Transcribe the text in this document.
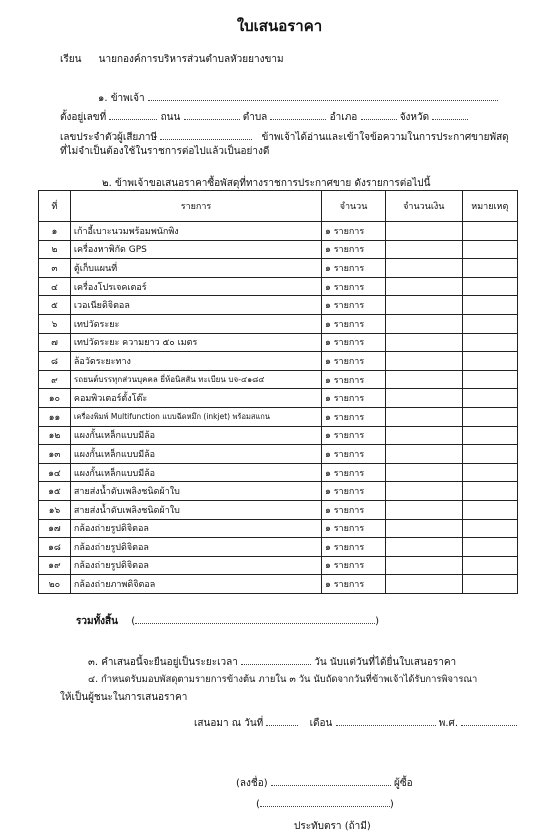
ใบเสนอราคา
เรียน นายกองค์การบริหารส่วนตำบลหัวยยางขาม
๑. ข้าพเจ้า
ตั้งอยู่เลขที่	ถนน	ตำบล	อำเภอ	จังหวัด
เลขประจำตัวผู้เสียภาษี	ข้าพเจ้าได้อ่านและเข้าใจข้อความในการประกาศขายพัสดุ
ที่ไม่จำเป็นต้องใช้ในราชการต่อไปแล้วเป็นอย่างดี
๒. ข้าพเจ้าขอเสนอราคาซื้อพัสดุที่ทางราชการประกาศขาย ดังรายการต่อไปนี้
ที่	รายการ	จำนวน	จำนวนเงิน	หมายเหตุ
๑	เก้าอี้เบาะนวมพร้อมพนักพิง	๑ รายการ		
๒	เครื่องหาพิกัด GPS	๑ รายการ		
๓	ตู้เก็บแผนที่	๑ รายการ		
๔	เครื่องโปรเจคเตอร์	๑ รายการ		
๕	เวอเนียดิจิตอล	๑ รายการ		
๖	เทปวัดระยะ	๑ รายการ		
๗	เทปวัดระยะ ความยาว ๕๐ เมตร	๑ รายการ		
๘	ล้อวัดระยะทาง	๑ รายการ		
๙	รถยนต์บรรทุกส่วนบุคคล ยี่ห้อนิสสัน ทะเบียน บจ-๔๑๘๔	๑ รายการ		
๑๐	คอมพิวเตอร์ตั้งโต๊ะ	๑ รายการ		
๑๑	เครื่องพิมพ์ Multifunction แบบฉีดหมึก (inkjet) พร้อมสแกน	๑ รายการ		
๑๒	แผงกั้นเหล็กแบบมีล้อ	๑ รายการ		
๑๓	แผงกั้นเหล็กแบบมีล้อ	๑ รายการ		
๑๔	แผงกั้นเหล็กแบบมีล้อ	๑ รายการ		
๑๕	สายส่งน้ำดับเพลิงชนิดผ้าใบ	๑ รายการ		
๑๖	สายส่งน้ำดับเพลิงชนิดผ้าใบ	๑ รายการ		
๑๗	กล้องถ่ายรูปดิจิตอล	๑ รายการ		
๑๘	กล้องถ่ายรูปดิจิตอล	๑ รายการ		
๑๙	กล้องถ่ายรูปดิจิตอล	๑ รายการ		
๒๐	กล้องถ่ายภาพดิจิตอล	๑ รายการ		
รวมทั้งสิ้น (	)
๓. คำเสนอนี้จะยืนอยู่เป็นระยะเวลา	วัน นับแต่วันที่ได้ยื่นใบเสนอราคา
๔. กำหนดรับมอบพัสดุตามรายการข้างต้น ภายใน ๓ วัน นับถัดจากวันที่ข้าพเจ้าได้รับการพิจารณา
ให้เป็นผู้ชนะในการเสนอราคา
เสนอมา ณ วันที่	เดือน	พ.ศ.
(ลงชื่อ)	ผู้ซื้อ
(	)
ประทับตรา (ถ้ามี)
